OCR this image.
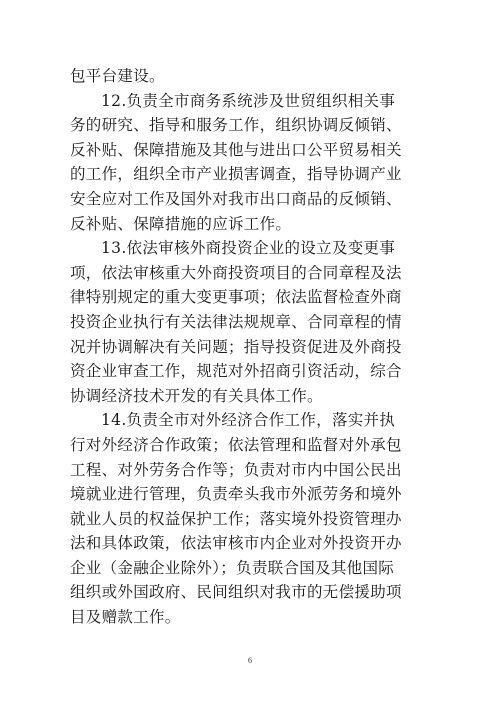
包平台建设。
12.负责全市商务系统涉及世贸组织相关事
务的研究、指导和服务工作，组织协调反倾销、
反补贴、保障措施及其他与进出口公平贸易相关
的工作，组织全市产业损害调查，指导协调产业
安全应对工作及国外对我市出口商品的反倾销、
反补贴、保障措施的应诉工作。
13.依法审核外商投资企业的设立及变更事
项，依法审核重大外商投资项目的合同章程及法
律特别规定的重大变更事项；依法监督检查外商
投资企业执行有关法律法规规章、合同章程的情
况并协调解决有关问题；指导投资促进及外商投
资企业审查工作，规范对外招商引资活动，综合
协调经济技术开发的有关具体工作。
14.负责全市对外经济合作工作，落实并执
行对外经济合作政策；依法管理和监督对外承包
工程、对外劳务合作等；负责对市内中国公民出
境就业进行管理，负责牵头我市外派劳务和境外
就业人员的权益保护工作；落实境外投资管理办
法和具体政策，依法审核市内企业对外投资开办
企业（金融企业除外）；负责联合国及其他国际
组织或外国政府、民间组织对我市的无偿援助项
目及赠款工作。
6
